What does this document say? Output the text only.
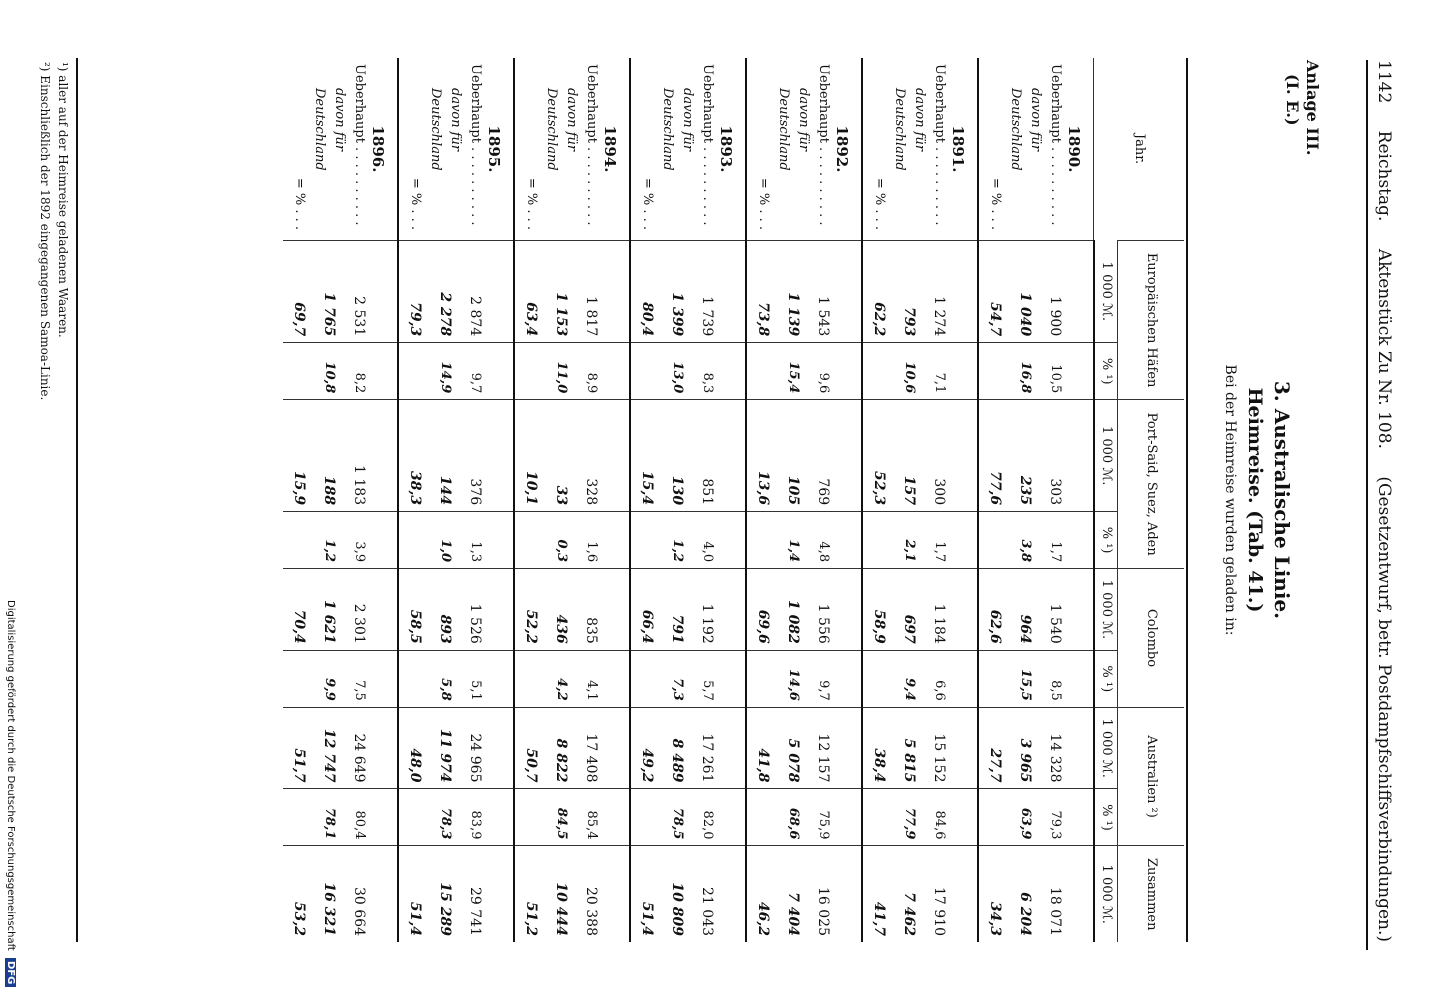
1142 Reichstag. Aktenstück Zu Nr. 108. (Gesetzentwurf, betr. Postdampfschiffsverbindungen.)
Anlage III.
(I. E.)
3. Australische Linie.
Heimreise. (Tab. 41.)
Bei der Heimreise wurden geladen in:
Jahr.	Europäischen Häfen		Port-Said, Suez, Aden		Colombo		Australien ²)		Zusammen
	1 000 ℳ.	% ¹)	1 000 ℳ.	% ¹)	1 000 ℳ.	% ¹)	1 000 ℳ.	% ¹)	1 000 ℳ.
1890.									
Ueberhaupt . . . . . . . . . .	1 900	10,5	303	1,7	1 540	8,5	14 328	79,3	18 071
davon für Deutschland	1 040	16,8	235	3,8	964	15,5	3 965	63,9	6 204
= % . . .	54,7		77,6		62,6		27,7		34,3
1891.									
Ueberhaupt . . . . . . . . . .	1 274	7,1	300	1,7	1 184	6,6	15 152	84,6	17 910
davon für Deutschland	793	10,6	157	2,1	697	9,4	5 815	77,9	7 462
= % . . .	62,2		52,3		58,9		38,4		41,7
1892.									
Ueberhaupt . . . . . . . . . .	1 543	9,6	769	4,8	1 556	9,7	12 157	75,9	16 025
davon für Deutschland	1 139	15,4	105	1,4	1 082	14,6	5 078	68,6	7 404
= % . . .	73,8		13,6		69,6		41,8		46,2
1893.									
Ueberhaupt . . . . . . . . . .	1 739	8,3	851	4,0	1 192	5,7	17 261	82,0	21 043
davon für Deutschland	1 399	13,0	130	1,2	791	7,3	8 489	78,5	10 809
= % . . .	80,4		15,4		66,4		49,2		51,4
1894.									
Ueberhaupt . . . . . . . . . .	1 817	8,9	328	1,6	835	4,1	17 408	85,4	20 388
davon für Deutschland	1 153	11,0	33	0,3	436	4,2	8 822	84,5	10 444
= % . . .	63,4		10,1		52,2		50,7		51,2
1895.									
Ueberhaupt . . . . . . . . . .	2 874	9,7	376	1,3	1 526	5,1	24 965	83,9	29 741
davon für Deutschland	2 278	14,9	144	1,0	893	5,8	11 974	78,3	15 289
= % . . .	79,3		38,3		58,5		48,0		51,4
1896.									
Ueberhaupt . . . . . . . . . .	2 531	8,2	1 183	3,9	2 301	7,5	24 649	80,4	30 664
davon für Deutschland	1 765	10,8	188	1,2	1 621	9,9	12 747	78,1	16 321
= % . . .	69,7		15,9		70,4		51,7		53,2
¹) aller auf der Heimreise geladenen Waaren.
²) Einschließlich der 1892 eingegangenen Samoa-Linie.
Digitalisierung gefördert durch die Deutsche Forschungsgemeinschaft DFG
